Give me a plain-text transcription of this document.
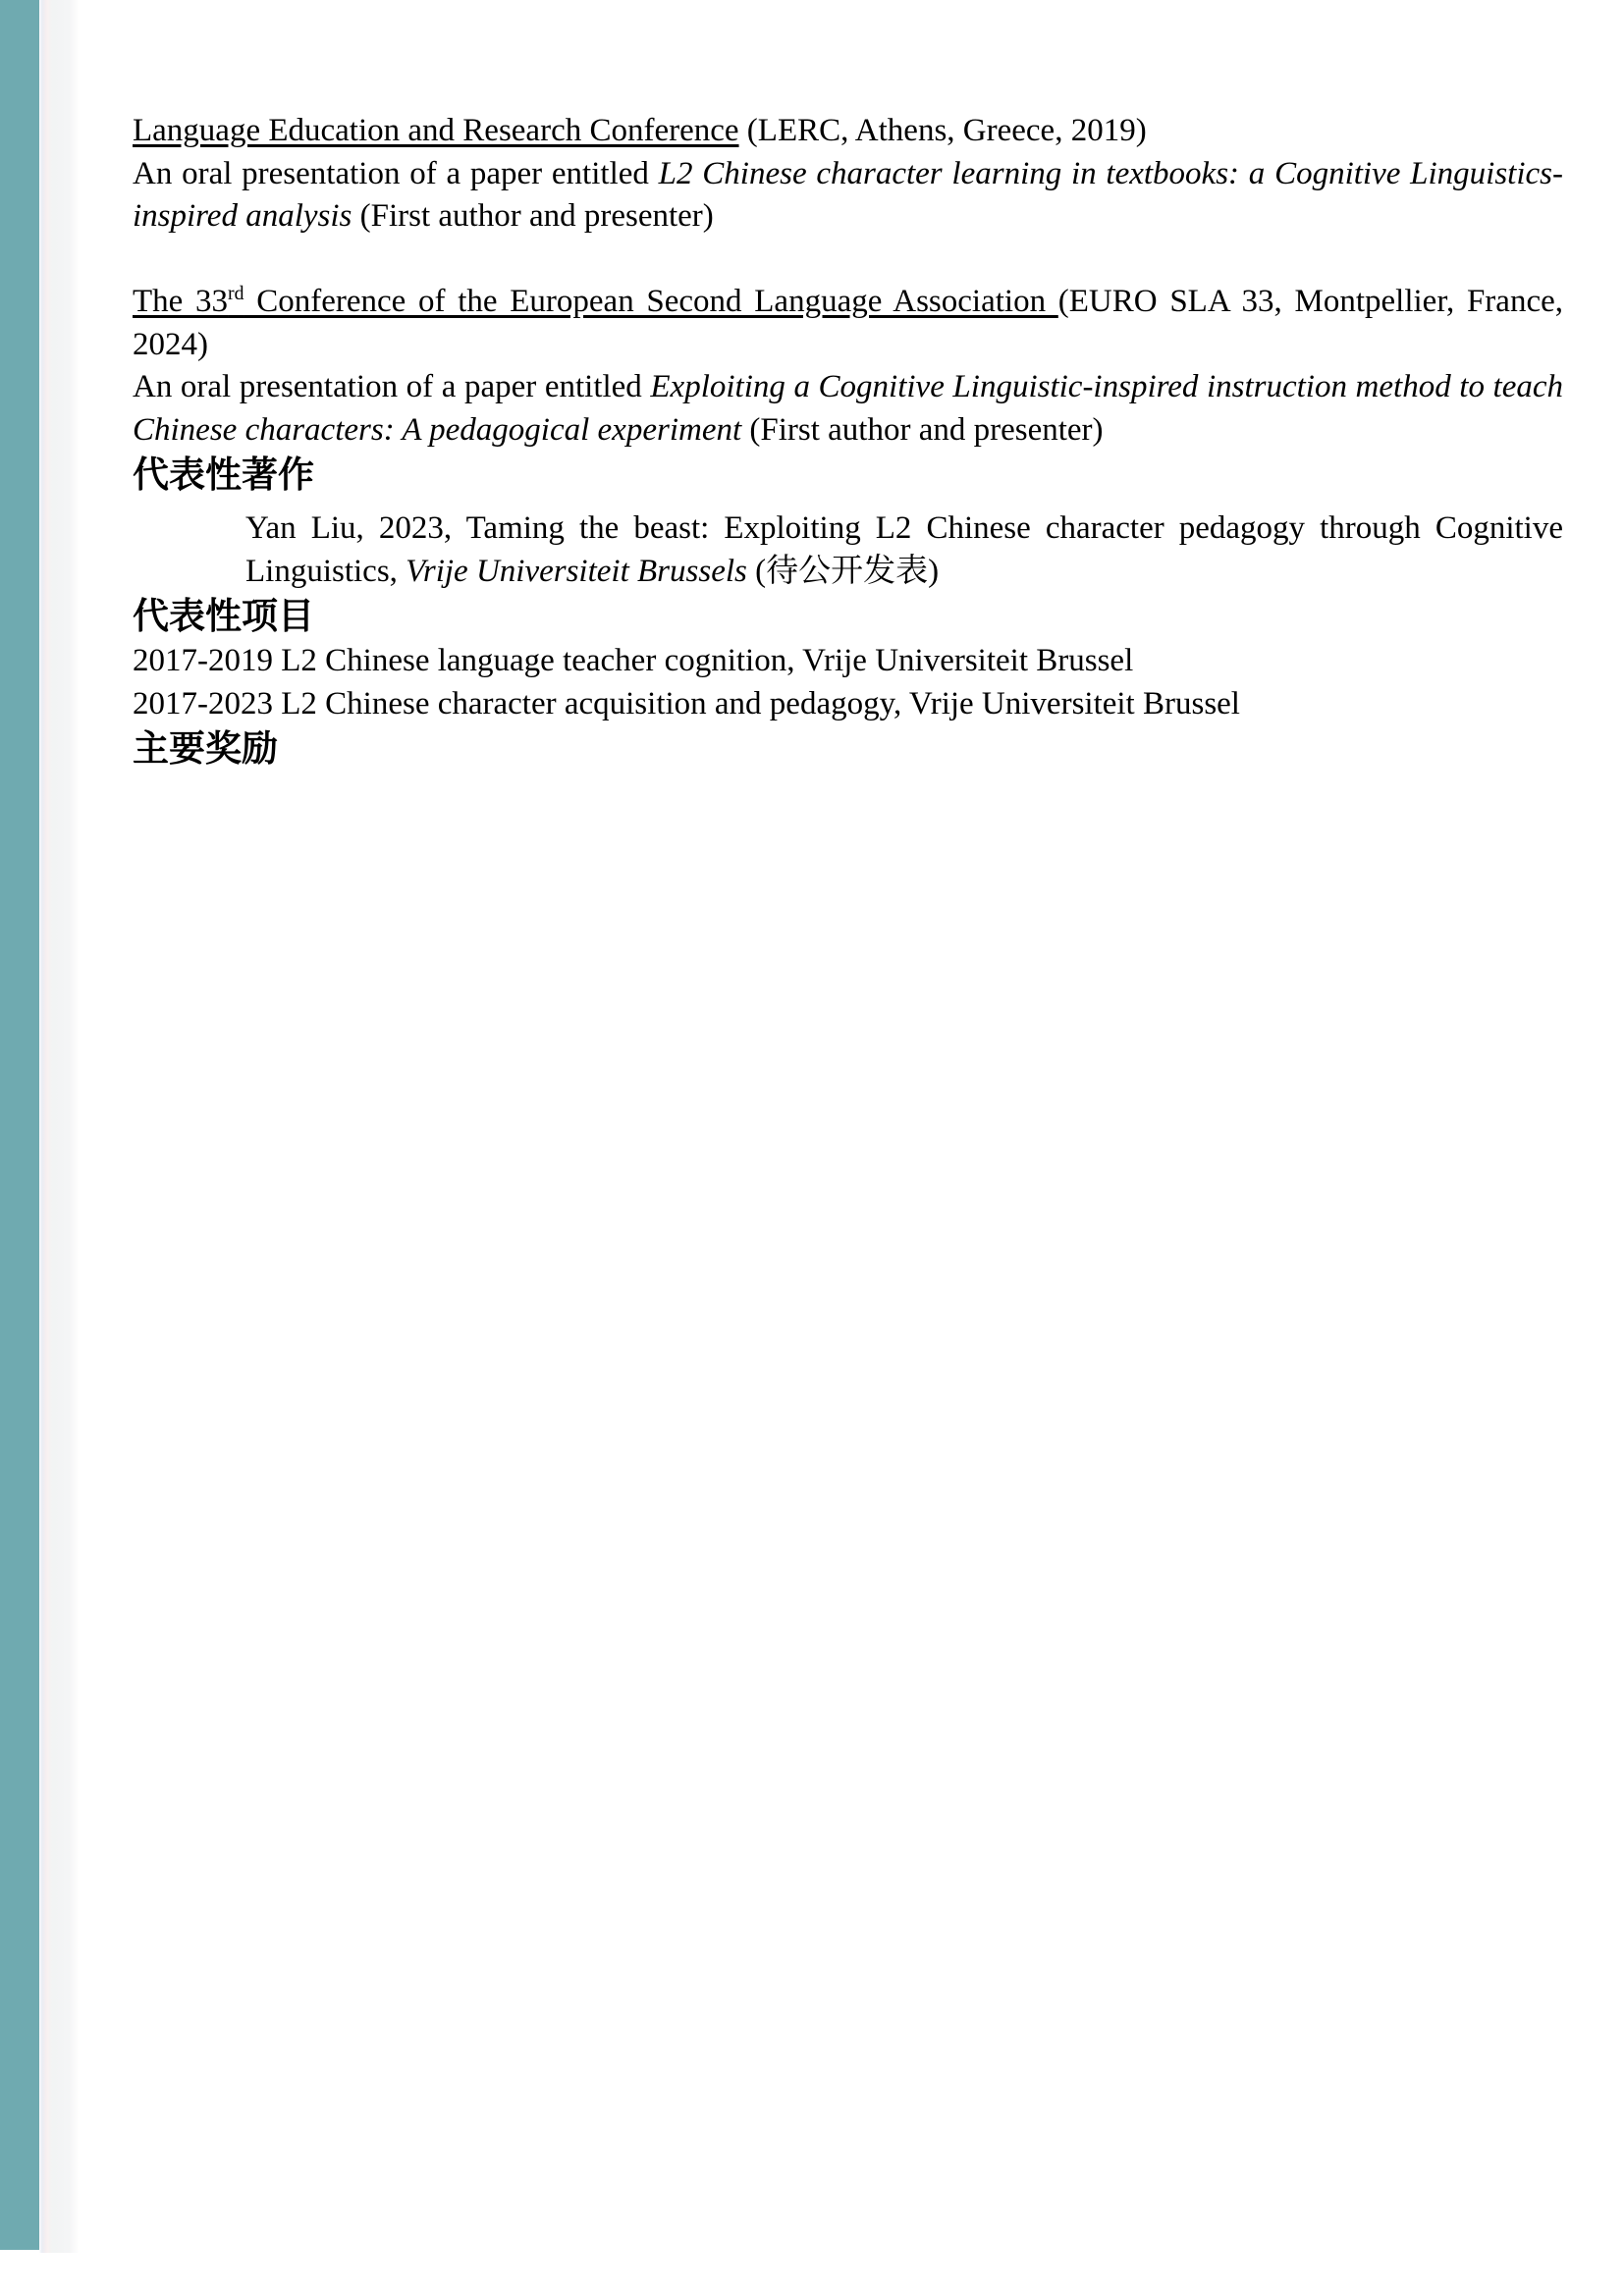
Language Education and Research Conference (LERC, Athens, Greece, 2019)

An oral presentation of a paper entitled L2 Chinese character learning in textbooks: a Cognitive Linguistics-inspired analysis (First author and presenter)

The 33rd Conference of the European Second Language Association (EURO SLA 33, Montpellier, France, 2024)

An oral presentation of a paper entitled Exploiting a Cognitive Linguistic-inspired instruction method to teach Chinese characters: A pedagogical experiment (First author and presenter)

代表性著作

Yan Liu, 2023, Taming the beast: Exploiting L2 Chinese character pedagogy through Cognitive Linguistics, Vrije Universiteit Brussels (待公开发表)

代表性项目

2017-2019 L2 Chinese language teacher cognition, Vrije Universiteit Brussel

2017-2023 L2 Chinese character acquisition and pedagogy, Vrije Universiteit Brussel

主要奖励
